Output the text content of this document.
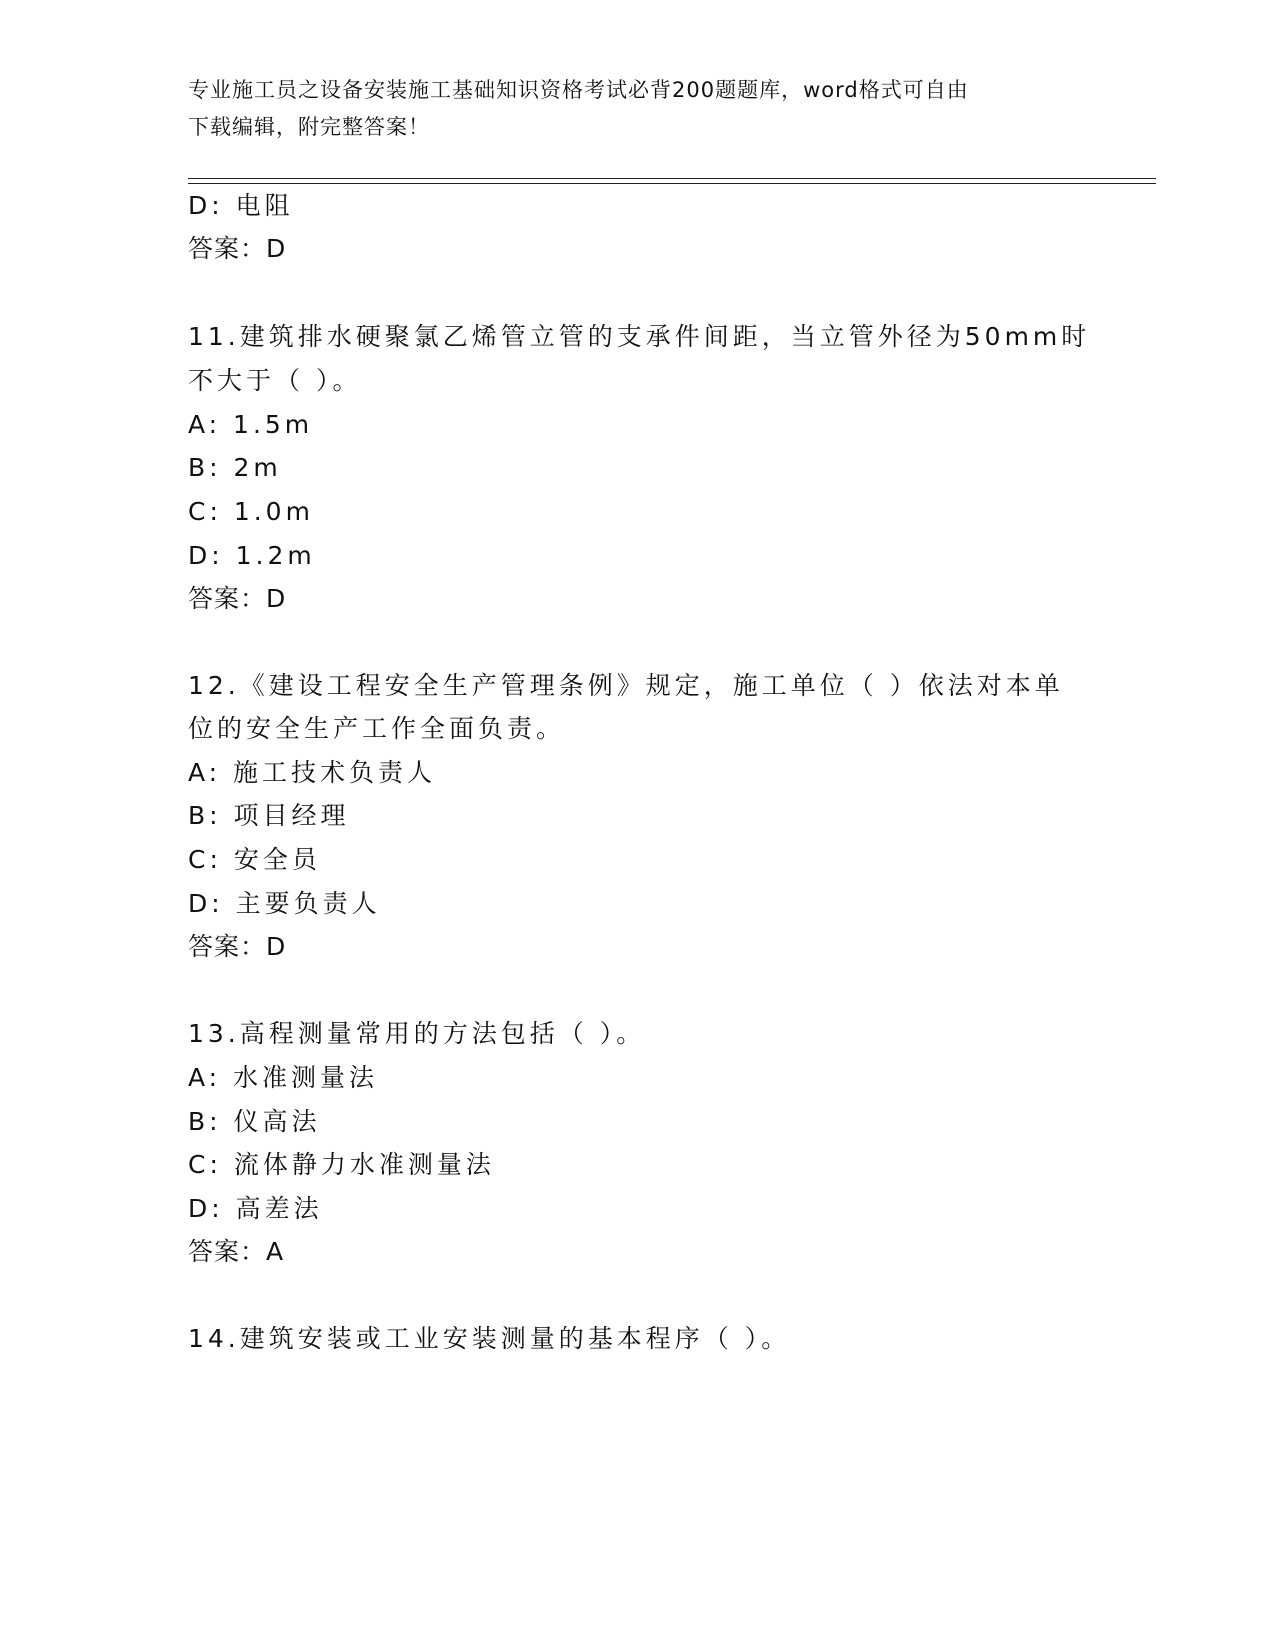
专业施工员之设备安装施工基础知识资格考试必背200题题库，word格式可自由
下载编辑，附完整答案！
D: 电阻
答案：D
11.建筑排水硬聚氯乙烯管立管的支承件间距，当立管外径为50mm时
不大于（ ）。
A: 1.5m
B: 2m
C: 1.0m
D: 1.2m
答案：D
12.《建设工程安全生产管理条例》规定，施工单位（ ）依法对本单
位的安全生产工作全面负责。
A: 施工技术负责人
B: 项目经理
C: 安全员
D: 主要负责人
答案：D
13.高程测量常用的方法包括（ ）。
A: 水准测量法
B: 仪高法
C: 流体静力水准测量法
D: 高差法
答案：A
14.建筑安装或工业安装测量的基本程序（ ）。
